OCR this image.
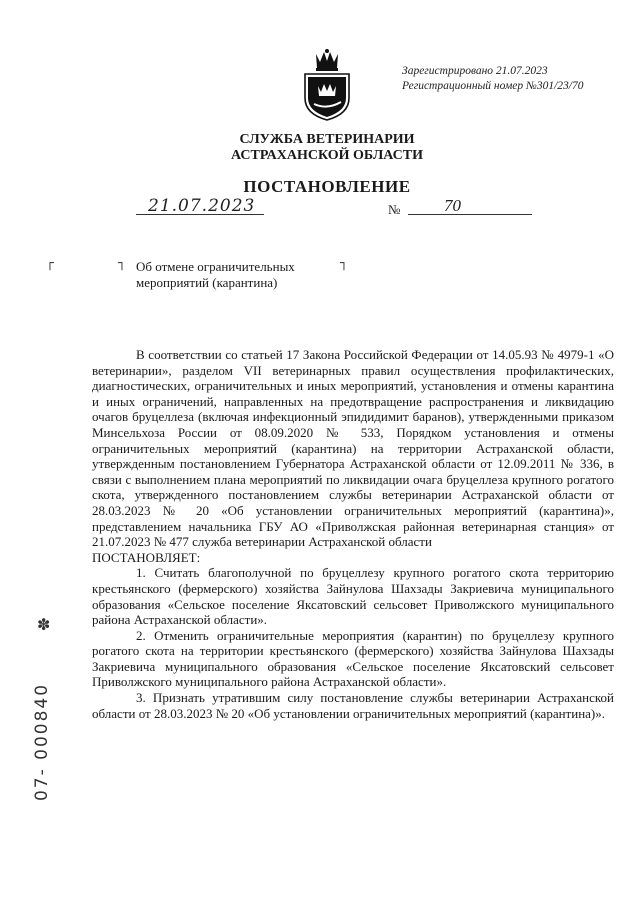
Зарегистрировано 21.07.2023
Регистрационный номер №301/23/70
СЛУЖБА ВЕТЕРИНАРИИ
АСТРАХАНСКОЙ ОБЛАСТИ
ПОСТАНОВЛЕНИЕ
21.07.2023	№	70
┌	┐	┐
Об отмене ограничительных
мероприятий (карантина)

В соответствии со статьей 17 Закона Российской Федерации от 14.05.93 № 4979-1 «О ветеринарии», разделом VII ветеринарных правил осуществления профилактических, диагностических, ограничительных и иных мероприятий, установления и отмены карантина и иных ограничений, направленных на предотвращение распространения и ликвидацию очагов бруцеллеза (включая инфекционный эпидидимит баранов), утвержденными приказом Минсельхоза России от 08.09.2020 № 533, Порядком установления и отмены ограничительных мероприятий (карантина) на территории Астраханской области, утвержденным постановлением Губернатора Астраханской области от 12.09.2011 № 336, в связи с выполнением плана мероприятий по ликвидации очага бруцеллеза крупного рогатого скота, утвержденного постановлением службы ветеринарии Астраханской области от 28.03.2023 № 20 «Об установлении ограничительных мероприятий (карантина)», представлением начальника ГБУ АО «Приволжская районная ветеринарная станция» от 21.07.2023 № 477 служба ветеринарии Астраханской области

ПОСТАНОВЛЯЕТ:

1. Считать благополучной по бруцеллезу крупного рогатого скота территорию крестьянского (фермерского) хозяйства Зайнулова Шахзады Закриевича муниципального образования «Сельское поселение Яксатовский сельсовет Приволжского муниципального района Астраханской области».

2. Отменить ограничительные мероприятия (карантин) по бруцеллезу крупного рогатого скота на территории крестьянского (фермерского) хозяйства Зайнулова Шахзады Закриевича муниципального образования «Сельское поселение Яксатовский сельсовет Приволжского муниципального района Астраханской области».

3. Признать утратившим силу постановление службы ветеринарии Астраханской области от 28.03.2023 № 20 «Об установлении ограничительных мероприятий (карантина)».

✽
07- 000840
